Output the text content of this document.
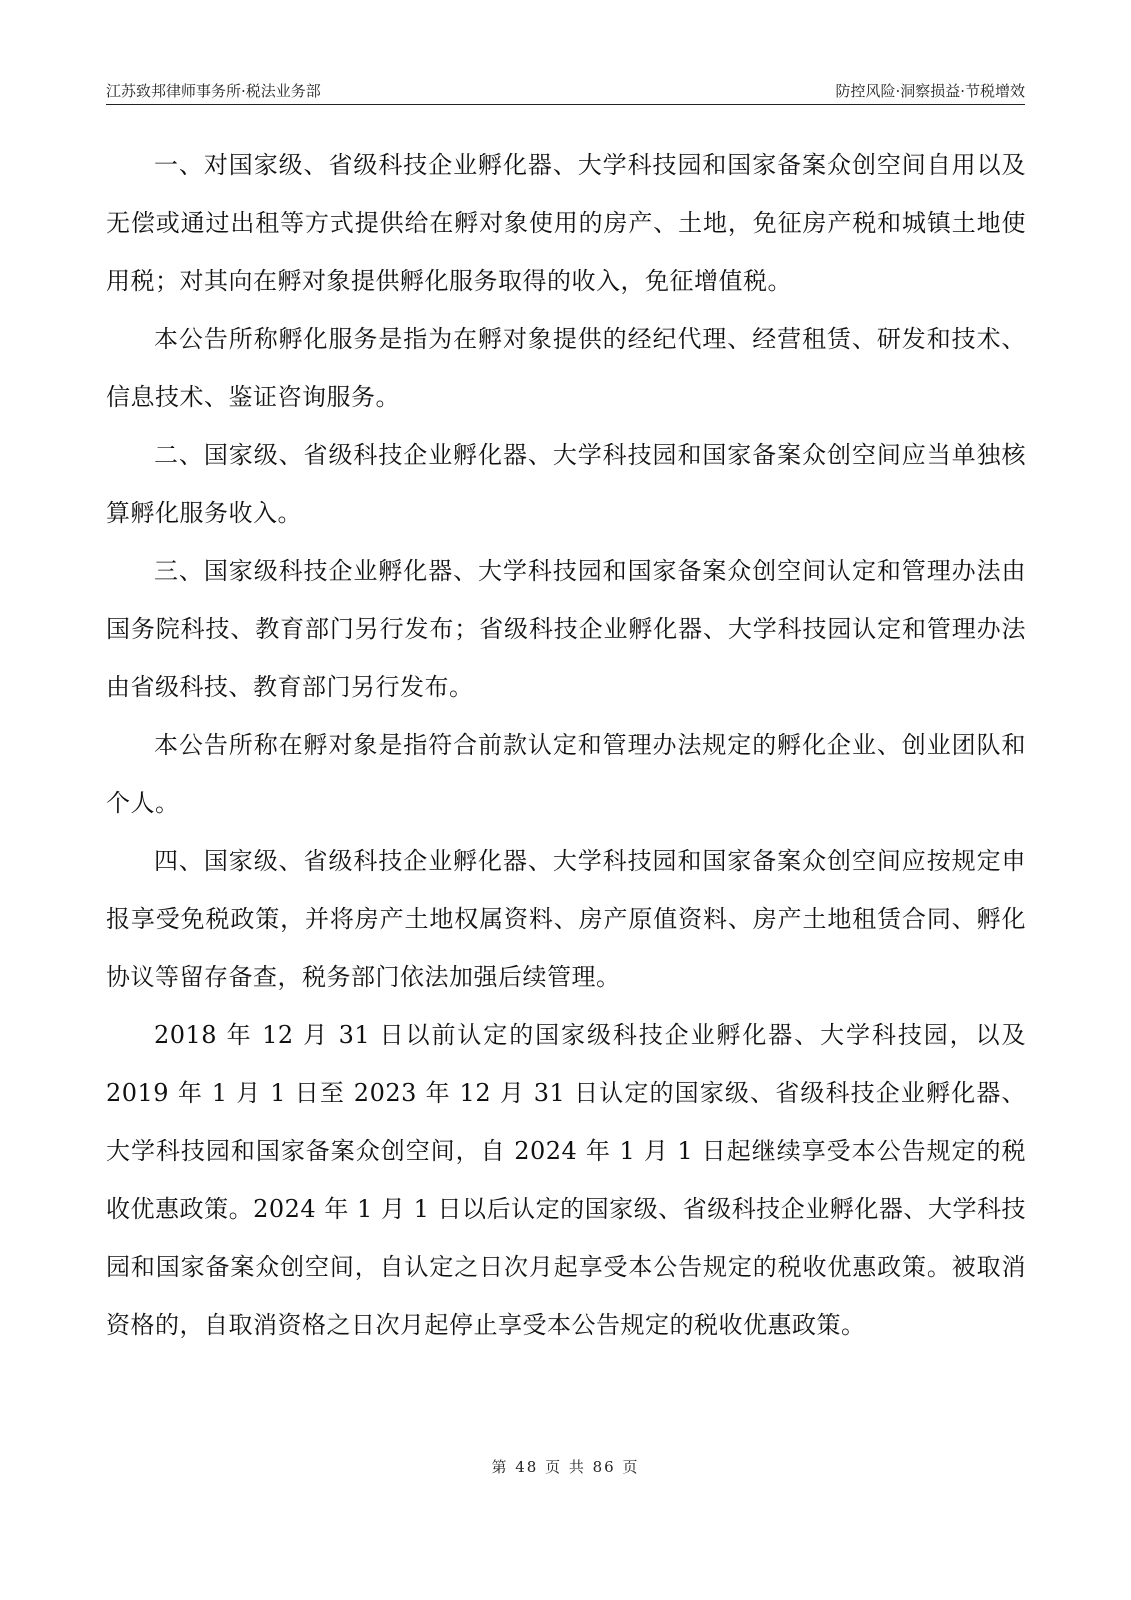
江苏致邦律师事务所·税法业务部	防控风险·洞察损益·节税增效

一、对国家级、省级科技企业孵化器、大学科技园和国家备案众创空间自用以及无偿或通过出租等方式提供给在孵对象使用的房产、土地，免征房产税和城镇土地使用税；对其向在孵对象提供孵化服务取得的收入，免征增值税。

本公告所称孵化服务是指为在孵对象提供的经纪代理、经营租赁、研发和技术、信息技术、鉴证咨询服务。

二、国家级、省级科技企业孵化器、大学科技园和国家备案众创空间应当单独核算孵化服务收入。

三、国家级科技企业孵化器、大学科技园和国家备案众创空间认定和管理办法由国务院科技、教育部门另行发布；省级科技企业孵化器、大学科技园认定和管理办法由省级科技、教育部门另行发布。

本公告所称在孵对象是指符合前款认定和管理办法规定的孵化企业、创业团队和个人。

四、国家级、省级科技企业孵化器、大学科技园和国家备案众创空间应按规定申报享受免税政策，并将房产土地权属资料、房产原值资料、房产土地租赁合同、孵化协议等留存备查，税务部门依法加强后续管理。

2018 年 12 月 31 日以前认定的国家级科技企业孵化器、大学科技园，以及 2019 年 1 月 1 日至 2023 年 12 月 31 日认定的国家级、省级科技企业孵化器、大学科技园和国家备案众创空间，自 2024 年 1 月 1 日起继续享受本公告规定的税收优惠政策。2024 年 1 月 1 日以后认定的国家级、省级科技企业孵化器、大学科技园和国家备案众创空间，自认定之日次月起享受本公告规定的税收优惠政策。被取消资格的，自取消资格之日次月起停止享受本公告规定的税收优惠政策。

第 48 页 共 86 页
